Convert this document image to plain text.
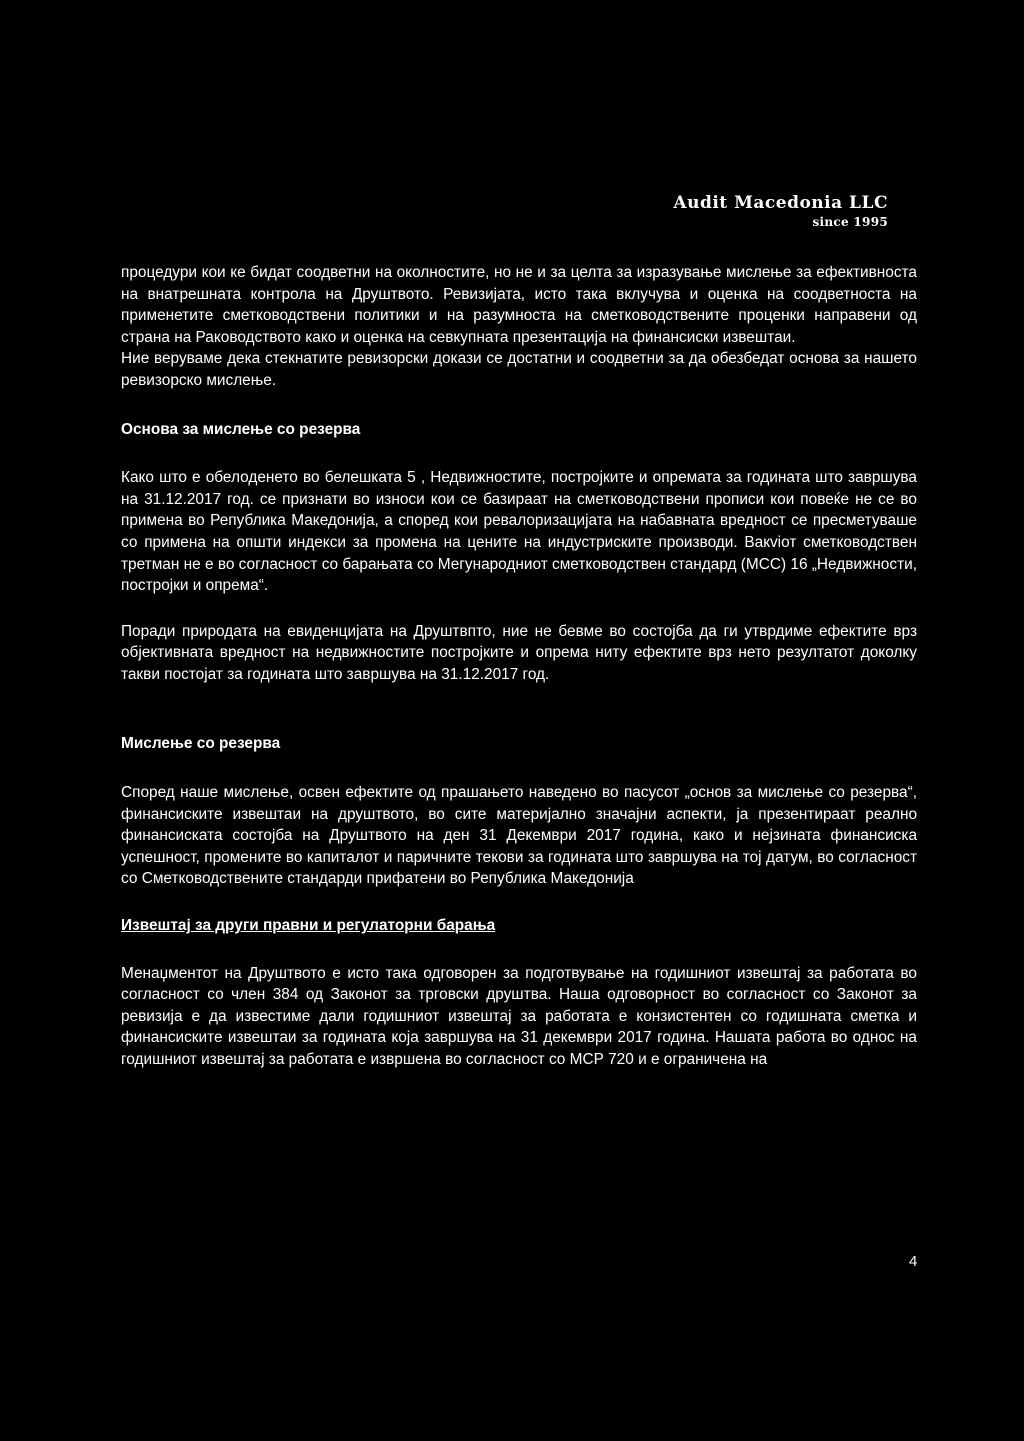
Audit Macedonia LLC
since 1995

процедури кои ке бидат соодветни на околностите, но не и за целта за изразување мислење за ефективноста на внатрешната контрола на Друштвото. Ревизијата, исто така вклучува и оценка на соодветноста на применетите сметководствени политики и на разумноста на сметководствените проценки направени од страна на Раководството како и оценка на севкупната презентација на финансиски извештаи.

Ние веруваме дека стекнатите ревизорски докази се достатни и соодветни за да обезбедат основа за нашето ревизорско мислење.

Основа за мислење со резерва

Како што е обелоденето во белешката 5 , Недвижностите, постројките и опремата за годината што завршува на 31.12.2017 год. се признати во износи кои се базираат на сметководствени прописи кои повеќе не се во примена во Република Македонија, а според кои ревалоризацијата на набавната вредност се пресметуваше со примена на општи индекси за промена на цените на индустриските производи. Вакviот сметководствен третман не е во согласност со барањата со Мегународниот сметководствен стандард (МСС) 16 „Недвижности, постројки и опрема“.

Поради природата на евиденцијата на Друштвпто, ние не бевме во состојба да ги утврдиме ефектите врз објективната вредност на недвижностите постројките и опрема ниту ефектите врз нето резултатот доколку такви постојат за годината што завршува на 31.12.2017 год.

Мислење со резерва

Според наше мислење, освен ефектите од прашањето наведено во пасусот „основ за мислење со резерва“, финансиските извештаи на друштвото, во сите материјално значајни аспекти, ја презентираат реално финансиската состојба на Друштвото на ден 31 Декември 2017 година, како и нејзината финансиска успешност, промените во капиталот и паричните текови за годината што завршува на тој датум, во согласност со Сметководствените стандарди прифатени во Република Македонија

Извештај за други правни и регулаторни барања

Менаџментот на Друштвото е исто така одговорен за подготвување на годишниот извештај за работата во согласност со член 384 од Законот за трговски друштва. Наша одговорност во согласност со Законот за ревизија е да известиме дали годишниот извештај за работата е конзистентен со годишната сметка и финансиските извештаи за годината која завршува на 31 декември 2017 година. Нашата работа во однос на годишниот извештај за работата е извршена во согласност со МСР 720 и е ограничена на

4
